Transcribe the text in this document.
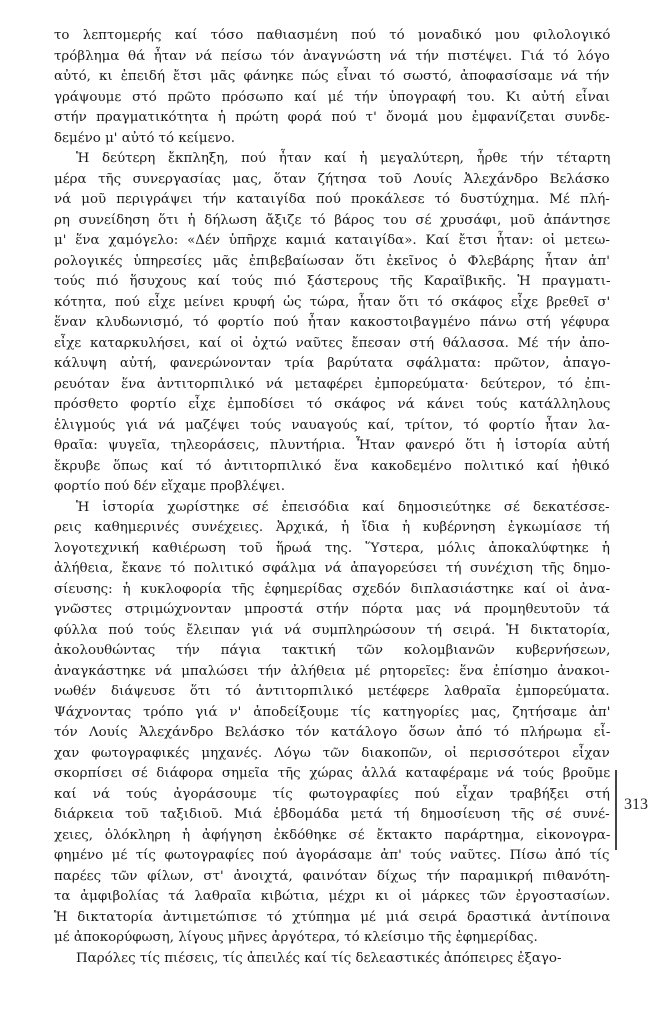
το λεπτομερής καί τόσο παθιασμένη πού τό μοναδικό μου φιλολογικό
τρόβλημα θά ἦταν νά πείσω τόν ἀναγνώστη νά τήν πιστέψει. Γιά τό λόγο
αὐτό, κι ἐπειδή ἔτσι μᾶς φάνηκε πώς εἶναι τό σωστό, ἀποφασίσαμε νά τήν
γράψουμε στό πρῶτο πρόσωπο καί μέ τήν ὑπογραφή του. Κι αὐτή εἶναι
στήν πραγματικότητα ἡ πρώτη φορά πού τ' ὄνομά μου ἐμφανίζεται συνδε-
δεμένο μ' αὐτό τό κείμενο.
Ἡ δεύτερη ἔκπληξη, πού ἦταν καί ἡ μεγαλύτερη, ἦρθε τήν τέταρτη
μέρα τῆς συνεργασίας μας, ὅταν ζήτησα τοῦ Λουίς Ἀλεχάνδρο Βελάσκο
νά μοῦ περιγράψει τήν καταιγίδα πού προκάλεσε τό δυστύχημα. Μέ πλή-
ρη συνείδηση ὅτι ἡ δήλωση ἄξιζε τό βάρος του σέ χρυσάφι, μοῦ ἀπάντησε
μ' ἕνα χαμόγελο: «Δέν ὑπῆρχε καμιά καταιγίδα». Καί ἔτσι ἦταν: οἱ μετεω-
ρολογικές ὑπηρεσίες μᾶς ἐπιβεβαίωσαν ὅτι ἐκεῖνος ὁ Φλεβάρης ἦταν ἀπ'
τούς πιό ἥσυχους καί τούς πιό ξάστερους τῆς Καραϊβικῆς. Ἡ πραγματι-
κότητα, πού εἶχε μείνει κρυφή ὡς τώρα, ἦταν ὅτι τό σκάφος εἶχε βρεθεῖ σ'
ἕναν κλυδωνισμό, τό φορτίο πού ἦταν κακοστοιβαγμένο πάνω στή γέφυρα
εἶχε καταρκυλήσει, καί οἱ ὀχτώ ναῦτες ἔπεσαν στή θάλασσα. Μέ τήν ἀπο-
κάλυψη αὐτή, φανερώνονταν τρία βαρύτατα σφάλματα: πρῶτον, ἀπαγο-
ρευόταν ἕνα ἀντιτορπιλικό νά μεταφέρει ἐμπορεύματα· δεύτερον, τό ἐπι-
πρόσθετο φορτίο εἶχε ἐμποδίσει τό σκάφος νά κάνει τούς κατάλληλους
ἑλιγμούς γιά νά μαζέψει τούς ναυαγούς καί, τρίτον, τό φορτίο ἦταν λα-
θραῖα: ψυγεῖα, τηλεοράσεις, πλυντήρια. Ἦταν φανερό ὅτι ἡ ἱστορία αὐτή
ἔκρυβε ὅπως καί τό ἀντιτορπιλικό ἕνα κακοδεμένο πολιτικό καί ἠθικό
φορτίο πού δέν εἴχαμε προβλέψει.
Ἡ ἱστορία χωρίστηκε σέ ἐπεισόδια καί δημοσιεύτηκε σέ δεκατέσσε-
ρεις καθημερινές συνέχειες. Ἀρχικά, ἡ ἴδια ἡ κυβέρνηση ἐγκωμίασε τή
λογοτεχνική καθιέρωση τοῦ ἥρωά της. Ὕστερα, μόλις ἀποκαλύφτηκε ἡ
ἀλήθεια, ἔκανε τό πολιτικό σφάλμα νά ἀπαγορεύσει τή συνέχιση τῆς δημο-
σίευσης: ἡ κυκλοφορία τῆς ἐφημερίδας σχεδόν διπλασιάστηκε καί οἱ ἀνα-
γνῶστες στριμώχνονταν μπροστά στήν πόρτα μας νά προμηθευτοῦν τά
φύλλα πού τούς ἔλειπαν γιά νά συμπληρώσουν τή σειρά. Ἡ δικτατορία,
ἀκολουθώντας τήν πάγια τακτική τῶν κολομβιανῶν κυβερνήσεων,
ἀναγκάστηκε νά μπαλώσει τήν ἀλήθεια μέ ρητορεῖες: ἕνα ἐπίσημο ἀνακοι-
νωθέν διάψευσε ὅτι τό ἀντιτορπιλικό μετέφερε λαθραῖα ἐμπορεύματα.
Ψάχνοντας τρόπο γιά ν' ἀποδείξουμε τίς κατηγορίες μας, ζητήσαμε ἀπ'
τόν Λουίς Ἀλεχάνδρο Βελάσκο τόν κατάλογο ὅσων ἀπό τό πλήρωμα εἶ-
χαν φωτογραφικές μηχανές. Λόγω τῶν διακοπῶν, οἱ περισσότεροι εἶχαν
σκορπίσει σέ διάφορα σημεῖα τῆς χώρας ἀλλά καταφέραμε νά τούς βροῦμε
καί νά τούς ἀγοράσουμε τίς φωτογραφίες πού εἶχαν τραβήξει στή
διάρκεια τοῦ ταξιδιοῦ. Μιά ἑβδομάδα μετά τή δημοσίευση τῆς σέ συνέ-
χειες, ὁλόκληρη ἡ ἀφήγηση ἐκδόθηκε σέ ἔκτακτο παράρτημα, εἰκονογρα-
φημένο μέ τίς φωτογραφίες πού ἀγοράσαμε ἀπ' τούς ναῦτες. Πίσω ἀπό τίς
παρέες τῶν φίλων, στ' ἀνοιχτά, φαινόταν δίχως τήν παραμικρή πιθανότη-
τα ἀμφιβολίας τά λαθραῖα κιβώτια, μέχρι κι οἱ μάρκες τῶν ἐργοστασίων.
Ἡ δικτατορία ἀντιμετώπισε τό χτύπημα μέ μιά σειρά δραστικά ἀντίποινα
μέ ἀποκορύφωση, λίγους μῆνες ἀργότερα, τό κλείσιμο τῆς ἐφημερίδας.
Παρόλες τίς πιέσεις, τίς ἀπειλές καί τίς δελεαστικές ἀπόπειρες ἐξαγο-
313
